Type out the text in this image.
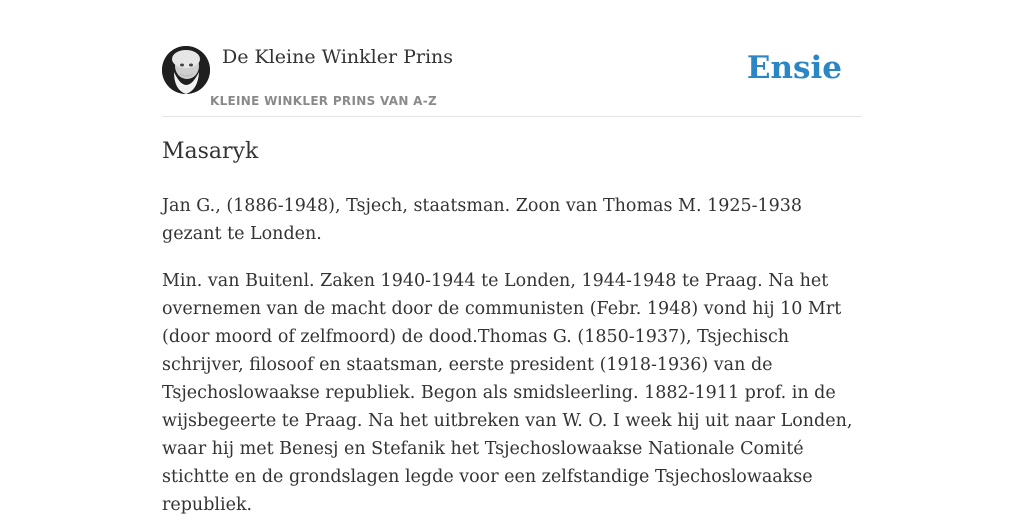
De Kleine Winkler Prins
KLEINE WINKLER PRINS VAN A-Z
Ensie
Masaryk

Jan G., (1886-1948), Tsjech, staatsman. Zoon van Thomas M. 1925-1938 gezant te Londen.

Min. van Buitenl. Zaken 1940-1944 te Londen, 1944-1948 te Praag. Na het overnemen van de macht door de communisten (Febr. 1948) vond hij 10 Mrt (door moord of zelfmoord) de dood.Thomas G. (1850-1937), Tsjechisch schrijver, filosoof en staatsman, eerste president (1918-1936) van de Tsjechoslowaakse republiek. Begon als smidsleerling. 1882-1911 prof. in de wijsbegeerte te Praag. Na het uitbreken van W. O. I week hij uit naar Londen, waar hij met Benesj en Stefanik het Tsjechoslowaakse Nationale Comité stichtte en de grondslagen legde voor een zelfstandige Tsjechoslowaakse republiek.
